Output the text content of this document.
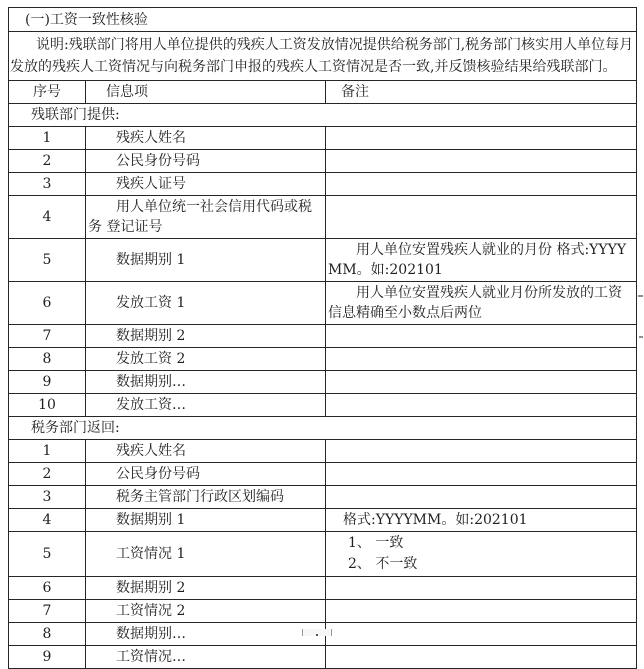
(一)工资一致性核验		
说明:残联部门将用人单位提供的残疾人工资发放情况提供给税务部门,税务部门核实用人单位每月 发放的残疾人工资情况与向税务部门申报的残疾人工资情况是否一致,并反馈核验结果给残联部门。		
序号	信息项	备注
残联部门提供:		
1	残疾人姓名	
2	公民身份号码	
3	残疾人证号	
4	用人单位统一社会信用代码或税务 登记证号	
5	数据期别 1	用人单位安置残疾人就业的月份 格式:YYYYMM。如:202101
6	发放工资 1	用人单位安置残疾人就业月份所发放的工资信息精确至小数点后两位
7	数据期别 2	
8	发放工资 2	
9	数据期别…	
10	发放工资…	
税务部门返回:		
1	残疾人姓名	
2	公民身份号码	
3	税务主管部门行政区划编码	
4	数据期别 1	格式:YYYYMM。如:202101
5	工资情况 1	1、 一致
2、 不一致
6	数据期别 2	
7	工资情况 2	
8	数据期别…	
9	工资情况…	
